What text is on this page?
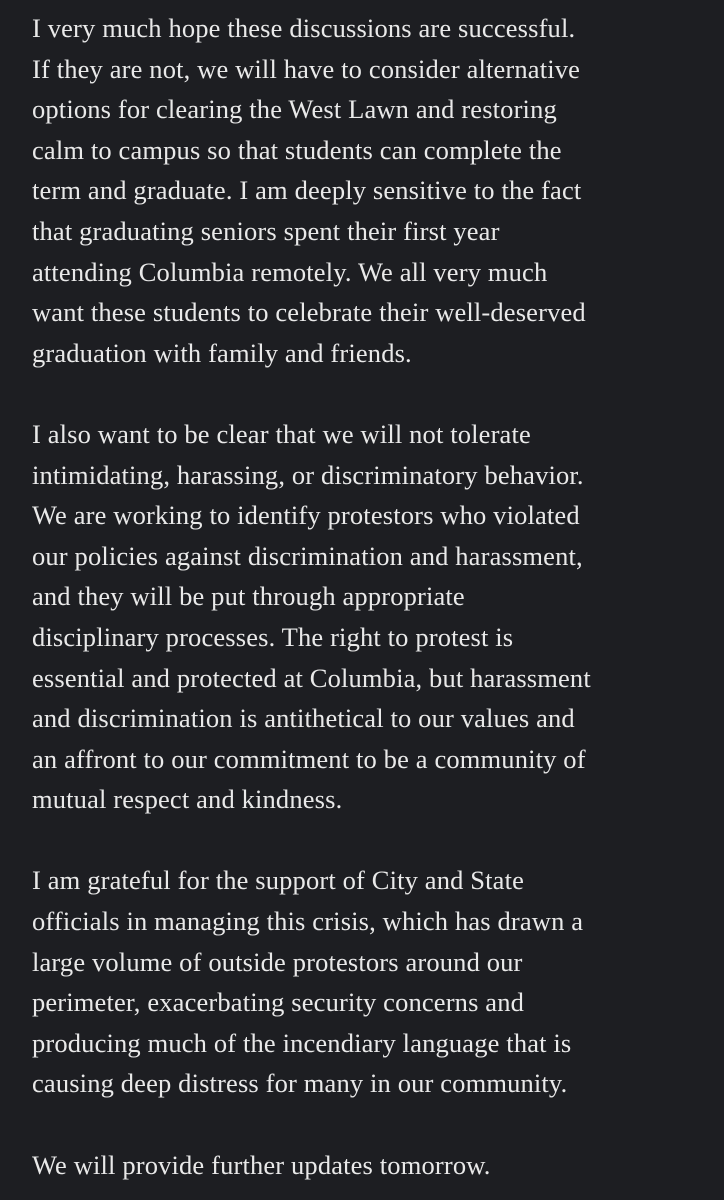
I very much hope these discussions are successful.
If they are not, we will have to consider alternative
options for clearing the West Lawn and restoring
calm to campus so that students can complete the
term and graduate. I am deeply sensitive to the fact
that graduating seniors spent their first year
attending Columbia remotely. We all very much
want these students to celebrate their well-deserved
graduation with family and friends.

I also want to be clear that we will not tolerate
intimidating, harassing, or discriminatory behavior.
We are working to identify protestors who violated
our policies against discrimination and harassment,
and they will be put through appropriate
disciplinary processes. The right to protest is
essential and protected at Columbia, but harassment
and discrimination is antithetical to our values and
an affront to our commitment to be a community of
mutual respect and kindness.

I am grateful for the support of City and State
officials in managing this crisis, which has drawn a
large volume of outside protestors around our
perimeter, exacerbating security concerns and
producing much of the incendiary language that is
causing deep distress for many in our community.

We will provide further updates tomorrow.
